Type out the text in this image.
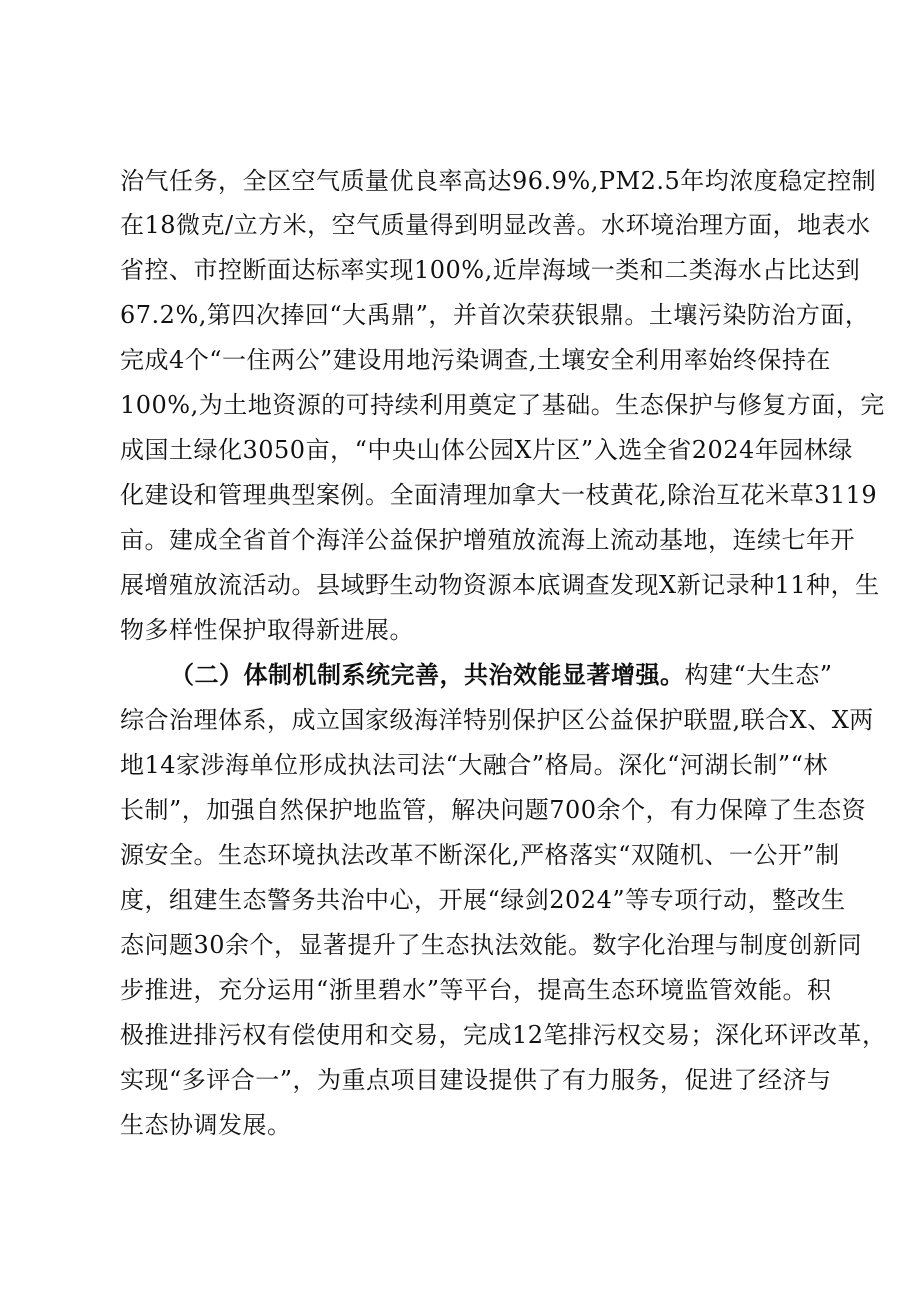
治气任务，全区空气质量优良率高达96.9%,PM2.5年均浓度稳定控制
在18微克/立方米，空气质量得到明显改善。水环境治理方面，地表水
省控、市控断面达标率实现100%,近岸海域一类和二类海水占比达到
67.2%,第四次捧回“大禹鼎”，并首次荣获银鼎。土壤污染防治方面，
完成4个“一住两公”建设用地污染调查,土壤安全利用率始终保持在
100%,为土地资源的可持续利用奠定了基础。生态保护与修复方面，完
成国土绿化3050亩，“中央山体公园X片区”入选全省2024年园林绿
化建设和管理典型案例。全面清理加拿大一枝黄花,除治互花米草3119
亩。建成全省首个海洋公益保护增殖放流海上流动基地，连续七年开
展增殖放流活动。县域野生动物资源本底调查发现X新记录种11种，生
物多样性保护取得新进展。
（二）体制机制系统完善，共治效能显著增强。构建“大生态”
综合治理体系，成立国家级海洋特别保护区公益保护联盟,联合X、X两
地14家涉海单位形成执法司法“大融合”格局。深化“河湖长制”“林
长制”，加强自然保护地监管，解决问题700余个，有力保障了生态资
源安全。生态环境执法改革不断深化,严格落实“双随机、一公开”制
度，组建生态警务共治中心，开展“绿剑2024”等专项行动，整改生
态问题30余个，显著提升了生态执法效能。数字化治理与制度创新同
步推进，充分运用“浙里碧水”等平台，提高生态环境监管效能。积
极推进排污权有偿使用和交易，完成12笔排污权交易；深化环评改革，
实现“多评合一”，为重点项目建设提供了有力服务，促进了经济与
生态协调发展。
